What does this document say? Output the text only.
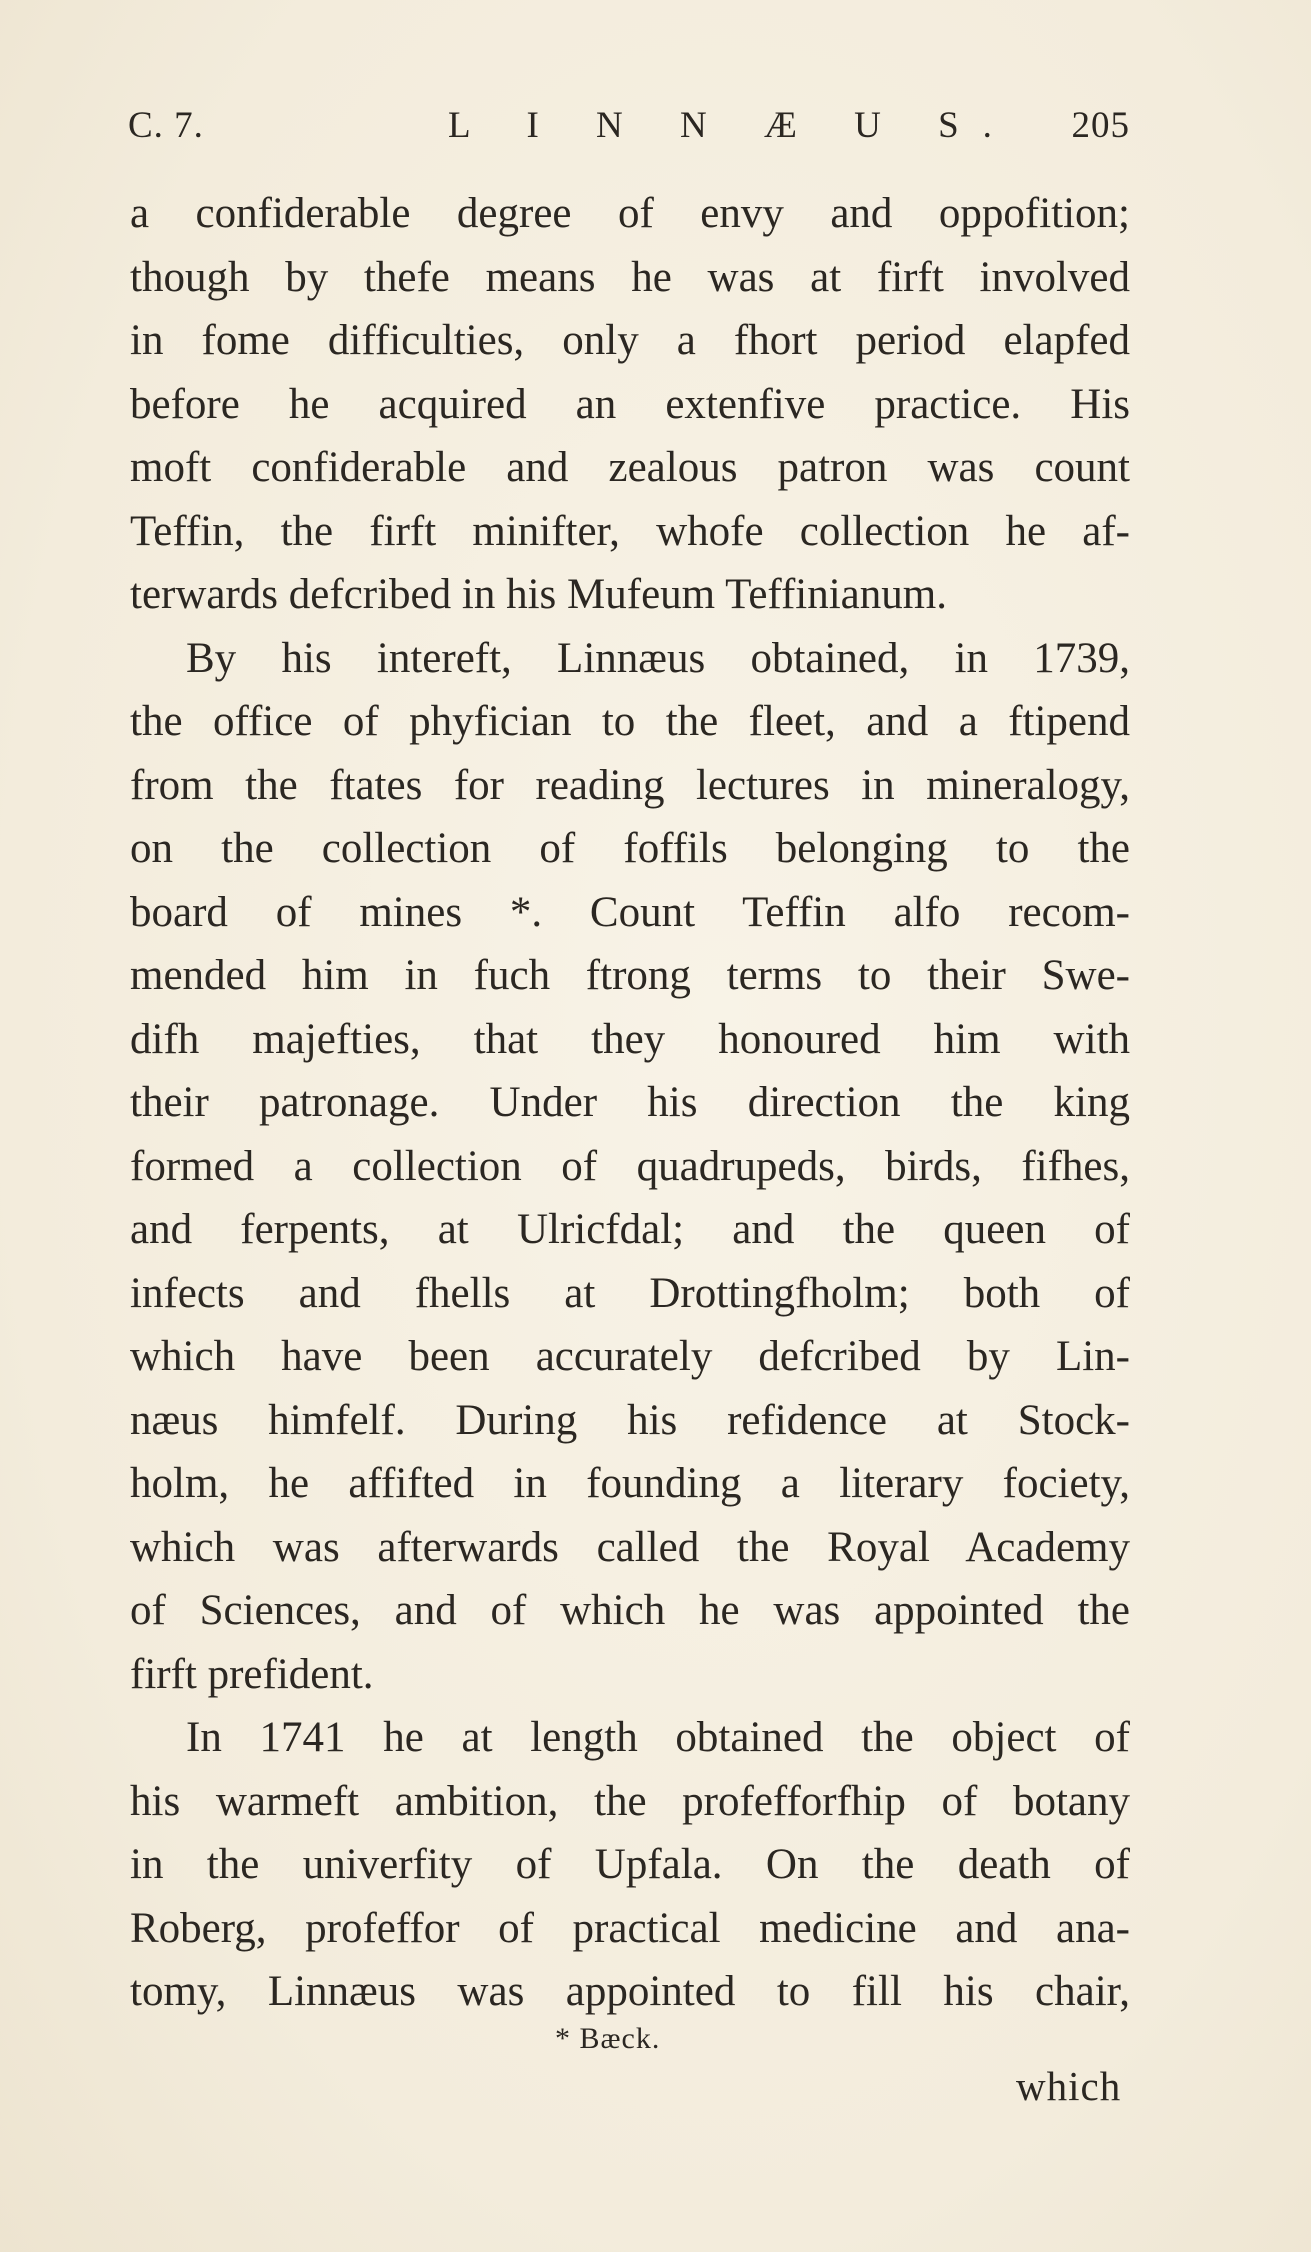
C. 7.	L I N N Æ U S. 205
a confiderable degree of envy and oppofition;
though by thefe means he was at firft involved
in fome difficulties, only a fhort period elapfed
before he acquired an extenfive practice. His
moft confiderable and zealous patron was count
Teffin, the firft minifter, whofe collection he af-
terwards defcribed in his Mufeum Teffinianum.
By his intereft, Linnæus obtained, in 1739,
the office of phyfician to the fleet, and a ftipend
from the ftates for reading lectures in mineralogy,
on the collection of foffils belonging to the
board of mines *. Count Teffin alfo recom-
mended him in fuch ftrong terms to their Swe-
difh majefties, that they honoured him with
their patronage. Under his direction the king
formed a collection of quadrupeds, birds, fifhes,
and ferpents, at Ulricfdal; and the queen of
infects and fhells at Drottingfholm; both of
which have been accurately defcribed by Lin-
næus himfelf. During his refidence at Stock-
holm, he affifted in founding a literary fociety,
which was afterwards called the Royal Academy
of Sciences, and of which he was appointed the
firft prefident.
In 1741 he at length obtained the object of
his warmeft ambition, the profefforfhip of botany
in the univerfity of Upfala. On the death of
Roberg, profeffor of practical medicine and ana-
tomy, Linnæus was appointed to fill his chair,
* Bæck.
which
